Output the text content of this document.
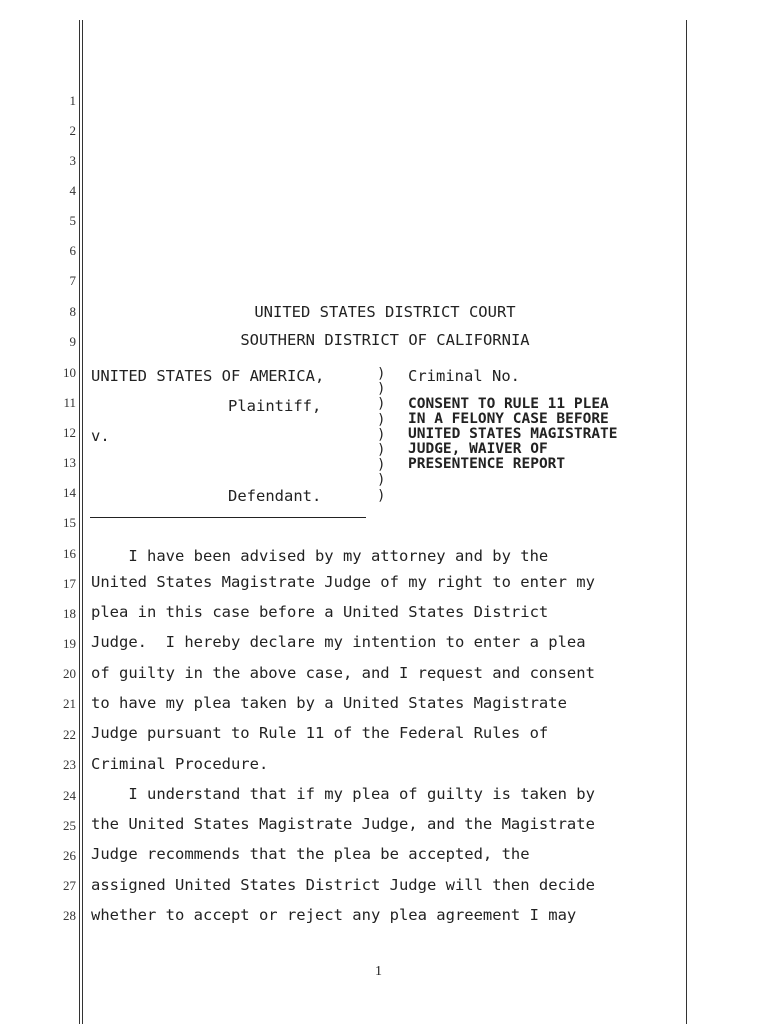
1
2
3
4
5
6
7
8
9
10
11
12
13
14
15
16
17
18
19
20
21
22
23
24
25
26
27
28
UNITED STATES DISTRICT COURT
SOUTHERN DISTRICT OF CALIFORNIA
UNITED STATES OF AMERICA,
Plaintiff,
v.
Defendant.
)
)
)
)
)
)
)
)
)
Criminal No.
CONSENT TO RULE 11 PLEA
IN A FELONY CASE BEFORE
UNITED STATES MAGISTRATE
JUDGE, WAIVER OF
PRESENTENCE REPORT
I have been advised by my attorney and by the
United States Magistrate Judge of my right to enter my
plea in this case before a United States District
Judge.  I hereby declare my intention to enter a plea
of guilty in the above case, and I request and consent
to have my plea taken by a United States Magistrate
Judge pursuant to Rule 11 of the Federal Rules of
Criminal Procedure.
I understand that if my plea of guilty is taken by
the United States Magistrate Judge, and the Magistrate
Judge recommends that the plea be accepted, the
assigned United States District Judge will then decide
whether to accept or reject any plea agreement I may
1
